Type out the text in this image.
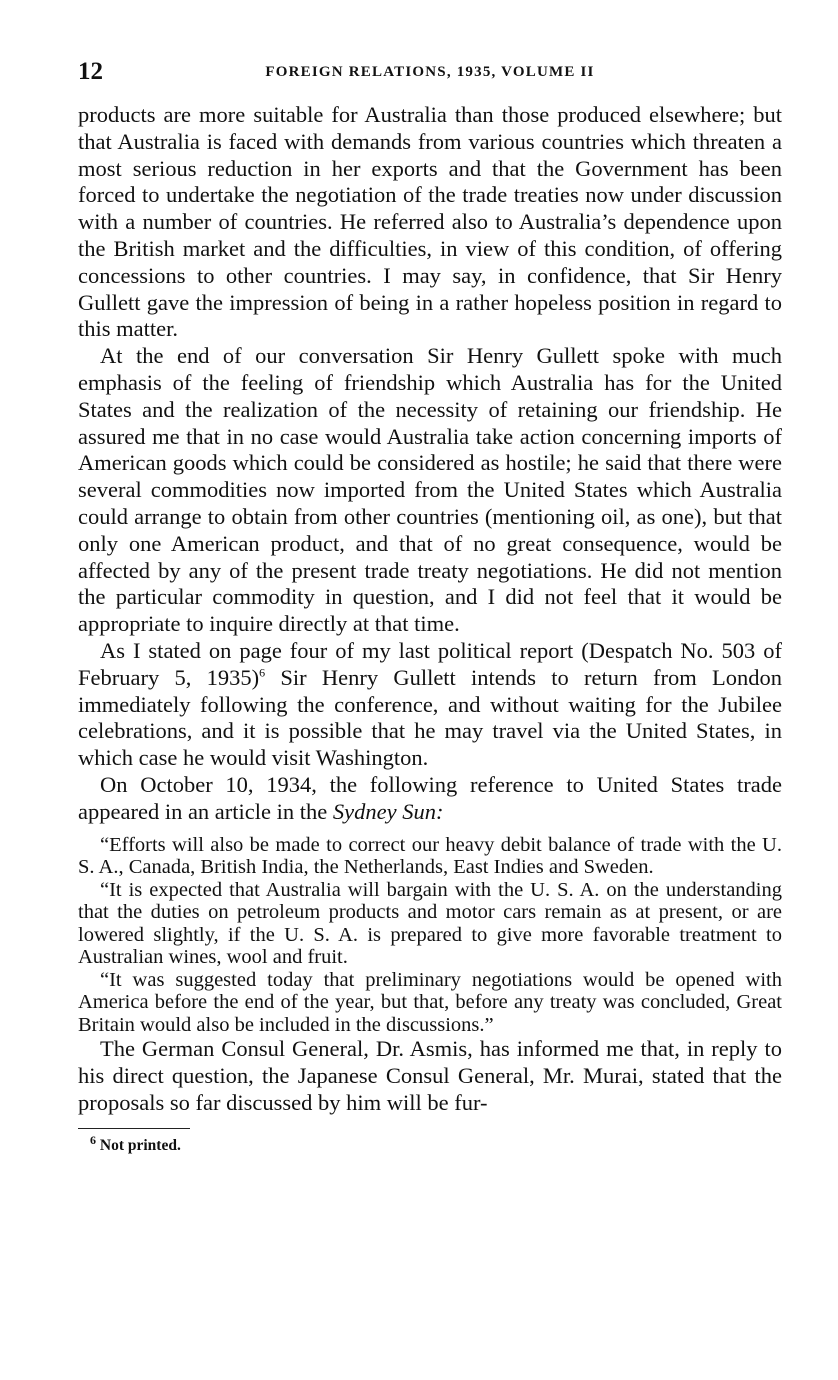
12	FOREIGN RELATIONS, 1935, VOLUME II

products are more suitable for Australia than those produced elsewhere; but that Australia is faced with demands from various countries which threaten a most serious reduction in her exports and that the Government has been forced to undertake the negotiation of the trade treaties now under discussion with a number of countries. He referred also to Australia’s dependence upon the British market and the difficulties, in view of this condition, of offering concessions to other countries. I may say, in confidence, that Sir Henry Gullett gave the impression of being in a rather hopeless position in regard to this matter.

At the end of our conversation Sir Henry Gullett spoke with much emphasis of the feeling of friendship which Australia has for the United States and the realization of the necessity of retaining our friendship. He assured me that in no case would Australia take action concerning imports of American goods which could be considered as hostile; he said that there were several commodities now imported from the United States which Australia could arrange to obtain from other countries (mentioning oil, as one), but that only one American product, and that of no great consequence, would be affected by any of the present trade treaty negotiations. He did not mention the particular commodity in question, and I did not feel that it would be appropriate to inquire directly at that time.

As I stated on page four of my last political report (Despatch No. 503 of February 5, 1935)$^6$ Sir Henry Gullett intends to return from London immediately following the conference, and without waiting for the Jubilee celebrations, and it is possible that he may travel via the United States, in which case he would visit Washington.

On October 10, 1934, the following reference to United States trade appeared in an article in the Sydney Sun:

“Efforts will also be made to correct our heavy debit balance of trade with the U. S. A., Canada, British India, the Netherlands, East Indies and Sweden.

“It is expected that Australia will bargain with the U. S. A. on the understanding that the duties on petroleum products and motor cars remain as at present, or are lowered slightly, if the U. S. A. is prepared to give more favorable treatment to Australian wines, wool and fruit.

“It was suggested today that preliminary negotiations would be opened with America before the end of the year, but that, before any treaty was concluded, Great Britain would also be included in the discussions.”

The German Consul General, Dr. Asmis, has informed me that, in reply to his direct question, the Japanese Consul General, Mr. Murai, stated that the proposals so far discussed by him will be fur-

$^6$ Not printed.
